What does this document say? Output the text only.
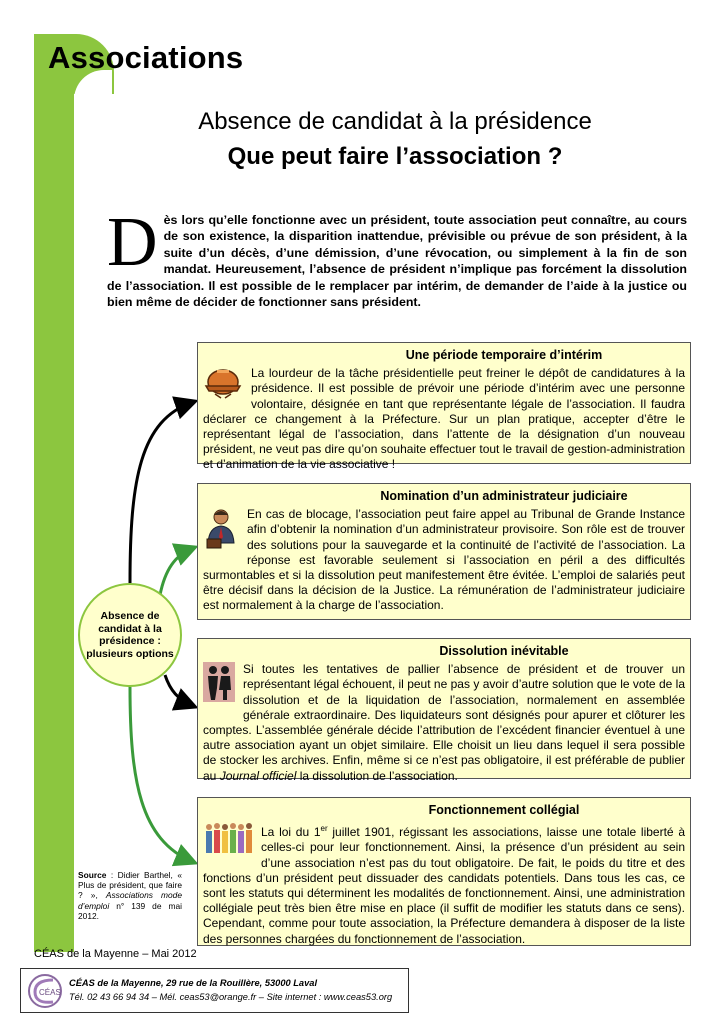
Associations
Absence de candidat à la présidence
Que peut faire l’association ?
Dès lors qu’elle fonctionne avec un président, toute association peut connaître, au cours de son existence, la disparition inattendue, prévisible ou prévue de son président, à la suite d’un décès, d’une démission, d’une révocation, ou simplement à la fin de son mandat. Heureusement, l’absence de président n’implique pas forcément la dissolution de l’association. Il est possible de le remplacer par intérim, de demander de l’aide à la justice ou bien même de décider de fonctionner sans président.
Absence de candidat à la présidence : plusieurs options
Une période temporaire d’intérim
La lourdeur de la tâche présidentielle peut freiner le dépôt de candidatures à la présidence. Il est possible de prévoir une période d’intérim avec une personne volontaire, désignée en tant que représentante légale de l’association. Il faudra déclarer ce changement à la Préfecture. Sur un plan pratique, accepter d’être le représentant légal de l’association, dans l’attente de la désignation d’un nouveau président, ne veut pas dire qu’on souhaite effectuer tout le travail de gestion-administration et d’animation de la vie associative !
Nomination d’un administrateur judiciaire
En cas de blocage, l’association peut faire appel au Tribunal de Grande Instance afin d’obtenir la nomination d’un administrateur provisoire. Son rôle est de trouver des solutions pour la sauvegarde et la continuité de l’activité de l’association. La réponse est favorable seulement si l’association en péril a des difficultés surmontables et si la dissolution peut manifestement être évitée. L’emploi de salariés peut être décisif dans la décision de la Justice. La rémunération de l’administrateur judiciaire est normalement à la charge de l’association.
Dissolution inévitable
Si toutes les tentatives de pallier l’absence de président et de trouver un représentant légal échouent, il peut ne pas y avoir d’autre solution que le vote de la dissolution et de la liquidation de l’association, normalement en assemblée générale extraordinaire. Des liquidateurs sont désignés pour apurer et clôturer les comptes. L’assemblée générale décide l’attribution de l’excédent financier éventuel à une autre association ayant un objet similaire. Elle choisit un lieu dans lequel il sera possible de stocker les archives. Enfin, même si ce n’est pas obligatoire, il est préférable de publier au Journal officiel la dissolution de l’association.
Fonctionnement collégial
La loi du 1er juillet 1901, régissant les associations, laisse une totale liberté à celles-ci pour leur fonctionnement. Ainsi, la présence d’un président au sein d’une association n’est pas du tout obligatoire. De fait, le poids du titre et des fonctions d’un président peut dissuader des candidats potentiels. Dans tous les cas, ce sont les statuts qui déterminent les modalités de fonctionnement. Ainsi, une administration collégiale peut très bien être mise en place (il suffit de modifier les statuts dans ce sens). Cependant, comme pour toute association, la Préfecture demandera à disposer de la liste des personnes chargées du fonctionnement de l’association.
Source : Didier Barthel, « Plus de président, que faire ? », Associations mode d’emploi n° 139 de mai 2012.
CÉAS de la Mayenne – Mai 2012
CÉAS
CÉAS de la Mayenne, 29 rue de la Rouillère, 53000 Laval
Tél. 02 43 66 94 34 – Mél. ceas53@orange.fr – Site internet : www.ceas53.org
